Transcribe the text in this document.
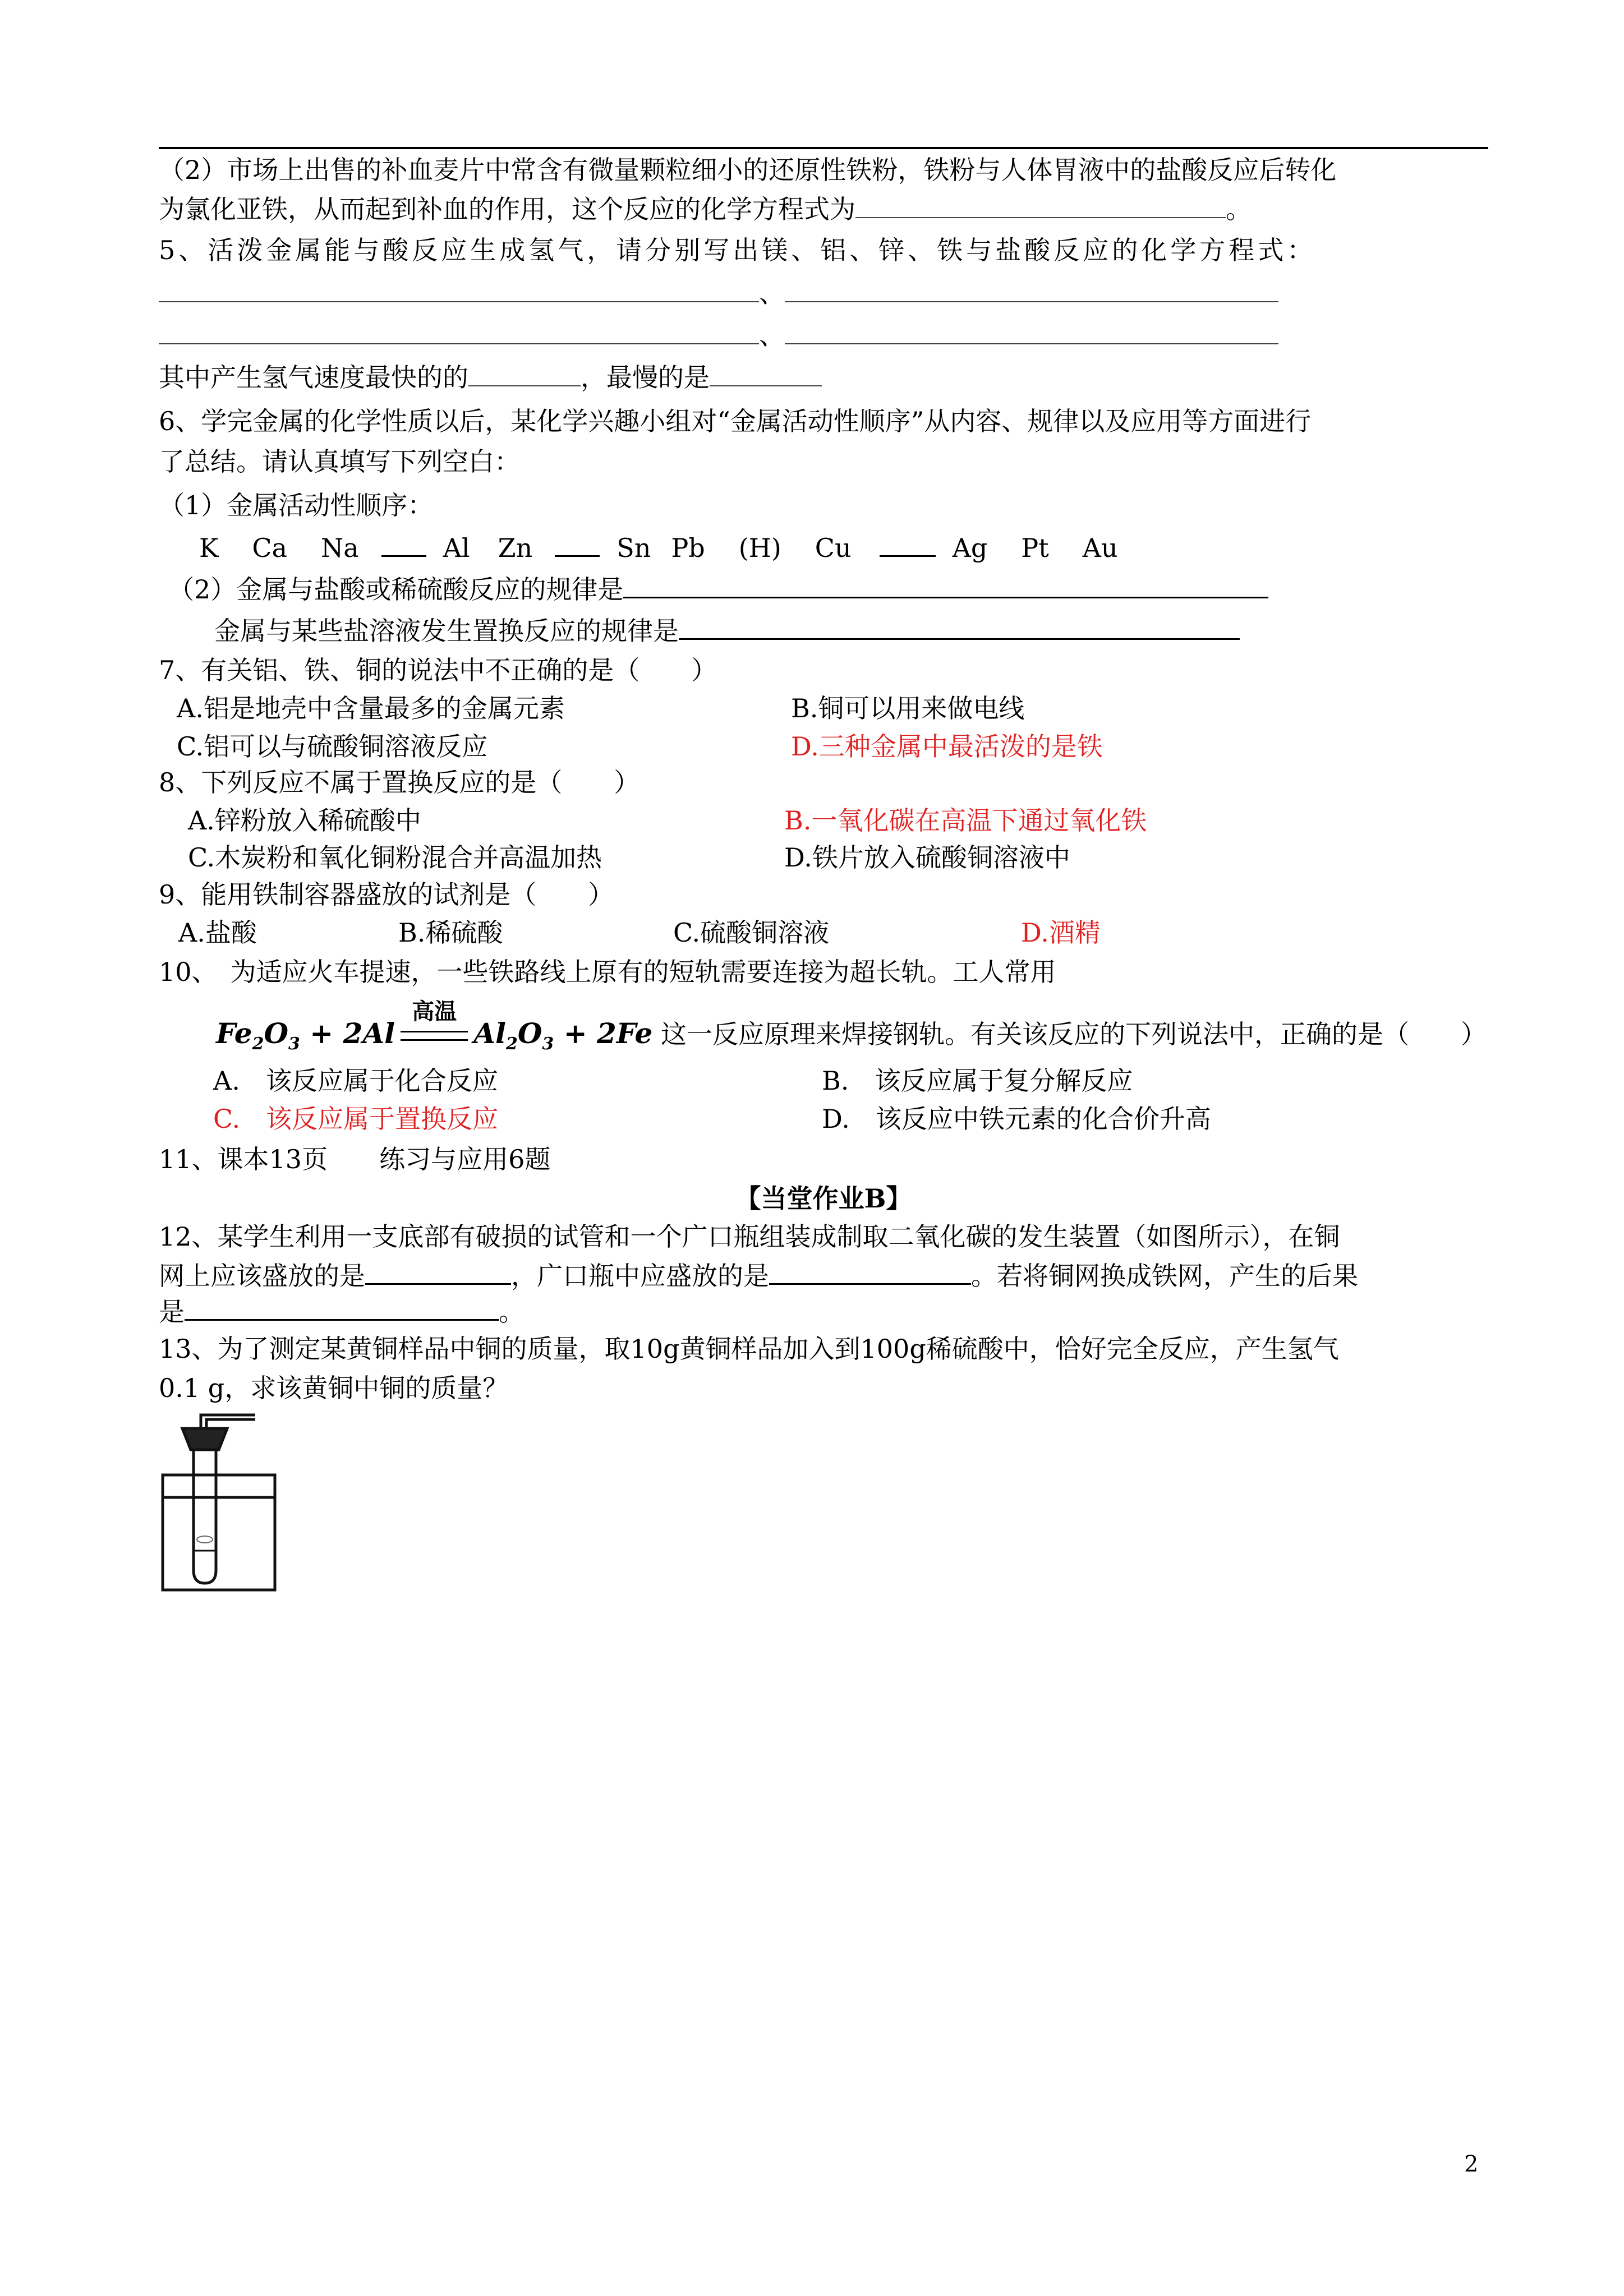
（2）市场上出售的补血麦片中常含有微量颗粒细小的还原性铁粉，铁粉与人体胃液中的盐酸反应后转化
为氯化亚铁，从而起到补血的作用，这个反应的化学方程式为	。
5、活泼金属能与酸反应生成氢气，请分别写出镁、铝、锌、铁与盐酸反应的化学方程式：
、
、
其中产生氢气速度最快的的	，最慢的是
6、学完金属的化学性质以后，某化学兴趣小组对“金属活动性顺序”从内容、规律以及应用等方面进行
了总结。请认真填写下列空白：
（1）金属活动性顺序：
K Ca Na	Al Zn	Sn Pb (H) Cu	Ag Pt Au
（2）金属与盐酸或稀硫酸反应的规律是
金属与某些盐溶液发生置换反应的规律是
7、有关铝、铁、铜的说法中不正确的是（　　）
A.铝是地壳中含量最多的金属元素	B.铜可以用来做电线
C.铝可以与硫酸铜溶液反应	D.三种金属中最活泼的是铁
8、下列反应不属于置换反应的是（　　）
A.锌粉放入稀硫酸中	B.一氧化碳在高温下通过氧化铁
C.木炭粉和氧化铜粉混合并高温加热	D.铁片放入硫酸铜溶液中
9、能用铁制容器盛放的试剂是（　　）
A.盐酸	B.稀硫酸	C.硫酸铜溶液	D.酒精
10、　为适应火车提速，一些铁路线上原有的短轨需要连接为超长轨。工人常用
$Fe_2O_3 + 2Al$
高温
$Al_2O_3 + 2Fe$ 这一反应原理来焊接钢轨。有关该反应的下列说法中，正确的是（　　）
A.　该反应属于化合反应	B.　该反应属于复分解反应
C.　该反应属于置换反应	D.　该反应中铁元素的化合价升高
11、课本13页　　练习与应用6题
【当堂作业B】
12、某学生利用一支底部有破损的试管和一个广口瓶组装成制取二氧化碳的发生装置（如图所示），在铜
网上应该盛放的是	，广口瓶中应盛放的是	。若将铜网换成铁网，产生的后果
是	。
13、为了测定某黄铜样品中铜的质量，取10g黄铜样品加入到100g稀硫酸中，恰好完全反应，产生氢气
0.1 g，求该黄铜中铜的质量？
2
